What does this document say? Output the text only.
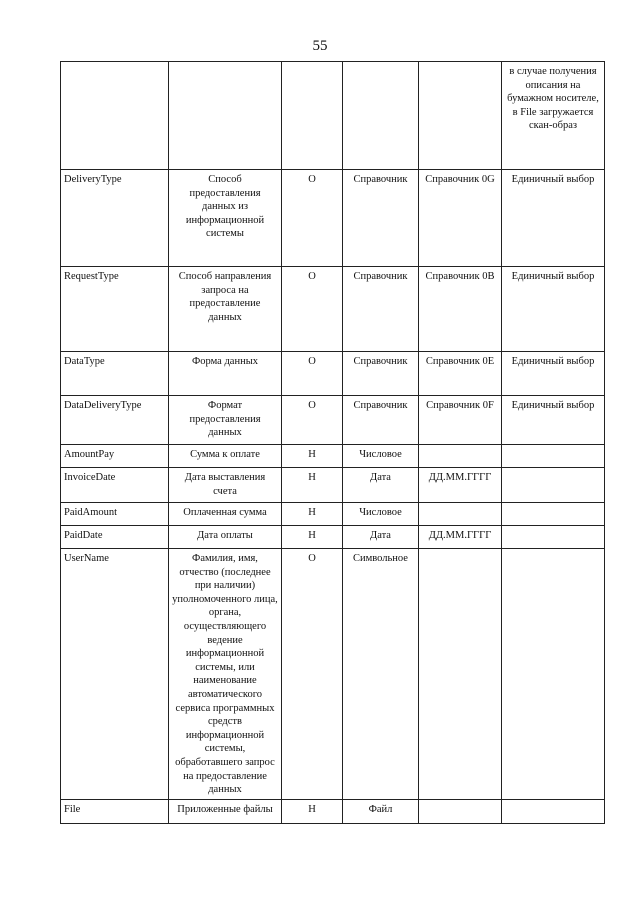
55
					в случае получения описания на бумажном носителе, в File загружается скан-образ
DeliveryType	Способ предоставления данных из информационной системы	О	Справочник	Справочник 0G	Единичный выбор
RequestType	Способ направления запроса на предоставление данных	О	Справочник	Справочник 0B	Единичный выбор
DataType	Форма данных	О	Справочник	Справочник 0E	Единичный выбор
DataDeliveryType	Формат предоставления данных	О	Справочник	Справочник 0F	Единичный выбор
AmountPay	Сумма к оплате	Н	Числовое		
InvoiceDate	Дата выставления счета	Н	Дата	ДД.ММ.ГГГГ	
PaidAmount	Оплаченная сумма	Н	Числовое		
PaidDate	Дата оплаты	Н	Дата	ДД.ММ.ГГГГ	
UserName	Фамилия, имя, отчество (последнее при наличии) уполномоченного лица, органа, осуществляющего ведение информационной системы, или наименование автоматического сервиса программных средств информационной системы, обработавшего запрос на предоставление данных	О	Символьное		
File	Приложенные файлы	Н	Файл		
